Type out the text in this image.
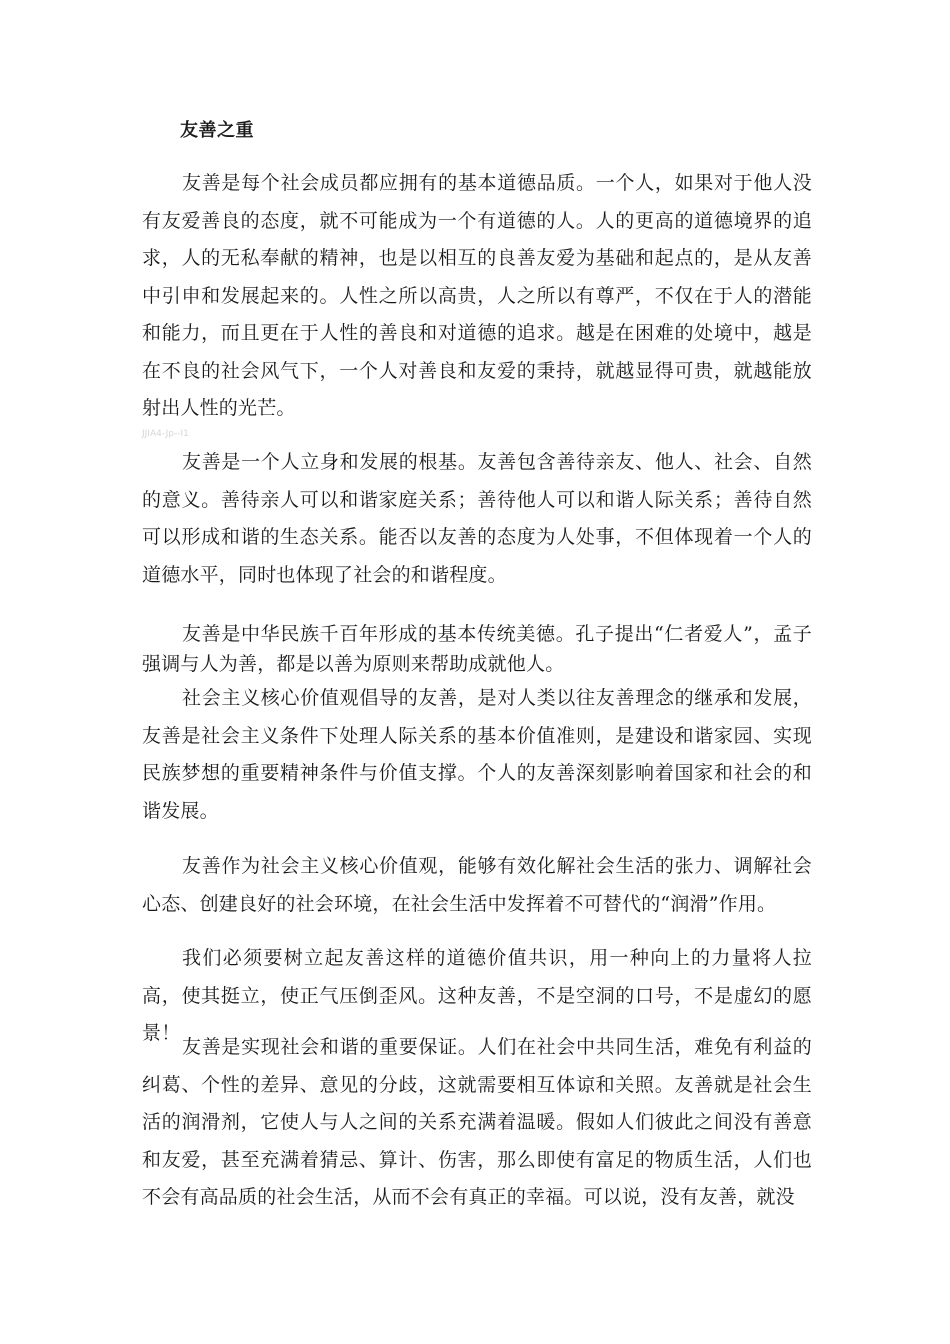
友善之重

友善是每个社会成员都应拥有的基本道德品质。一个人，如果对于他人没有友爱善良的态度，就不可能成为一个有道德的人。人的更高的道德境界的追求，人的无私奉献的精神，也是以相互的良善友爱为基础和起点的，是从友善中引申和发展起来的。人性之所以高贵，人之所以有尊严，不仅在于人的潜能和能力，而且更在于人性的善良和对道德的追求。越是在困难的处境中，越是在不良的社会风气下，一个人对善良和友爱的秉持，就越显得可贵，就越能放射出人性的光芒。

JJIA4-Jp--I1

友善是一个人立身和发展的根基。友善包含善待亲友、他人、社会、自然的意义。善待亲人可以和谐家庭关系；善待他人可以和谐人际关系；善待自然可以形成和谐的生态关系。能否以友善的态度为人处事，不但体现着一个人的道德水平，同时也体现了社会的和谐程度。

友善是中华民族千百年形成的基本传统美德。孔子提出“仁者爱人”，孟子强调与人为善，都是以善为原则来帮助成就他人。

社会主义核心价值观倡导的友善，是对人类以往友善理念的继承和发展，友善是社会主义条件下处理人际关系的基本价值准则，是建设和谐家园、实现民族梦想的重要精神条件与价值支撑。个人的友善深刻影响着国家和社会的和谐发展。

友善作为社会主义核心价值观，能够有效化解社会生活的张力、调解社会心态、创建良好的社会环境，在社会生活中发挥着不可替代的“润滑”作用。

我们必须要树立起友善这样的道德价值共识，用一种向上的力量将人拉高，使其挺立，使正气压倒歪风。这种友善，不是空洞的口号，不是虚幻的愿景！

友善是实现社会和谐的重要保证。人们在社会中共同生活，难免有利益的纠葛、个性的差异、意见的分歧，这就需要相互体谅和关照。友善就是社会生活的润滑剂，它使人与人之间的关系充满着温暖。假如人们彼此之间没有善意和友爱，甚至充满着猜忌、算计、伤害，那么即使有富足的物质生活，人们也不会有高品质的社会生活，从而不会有真正的幸福。可以说，没有友善，就没
